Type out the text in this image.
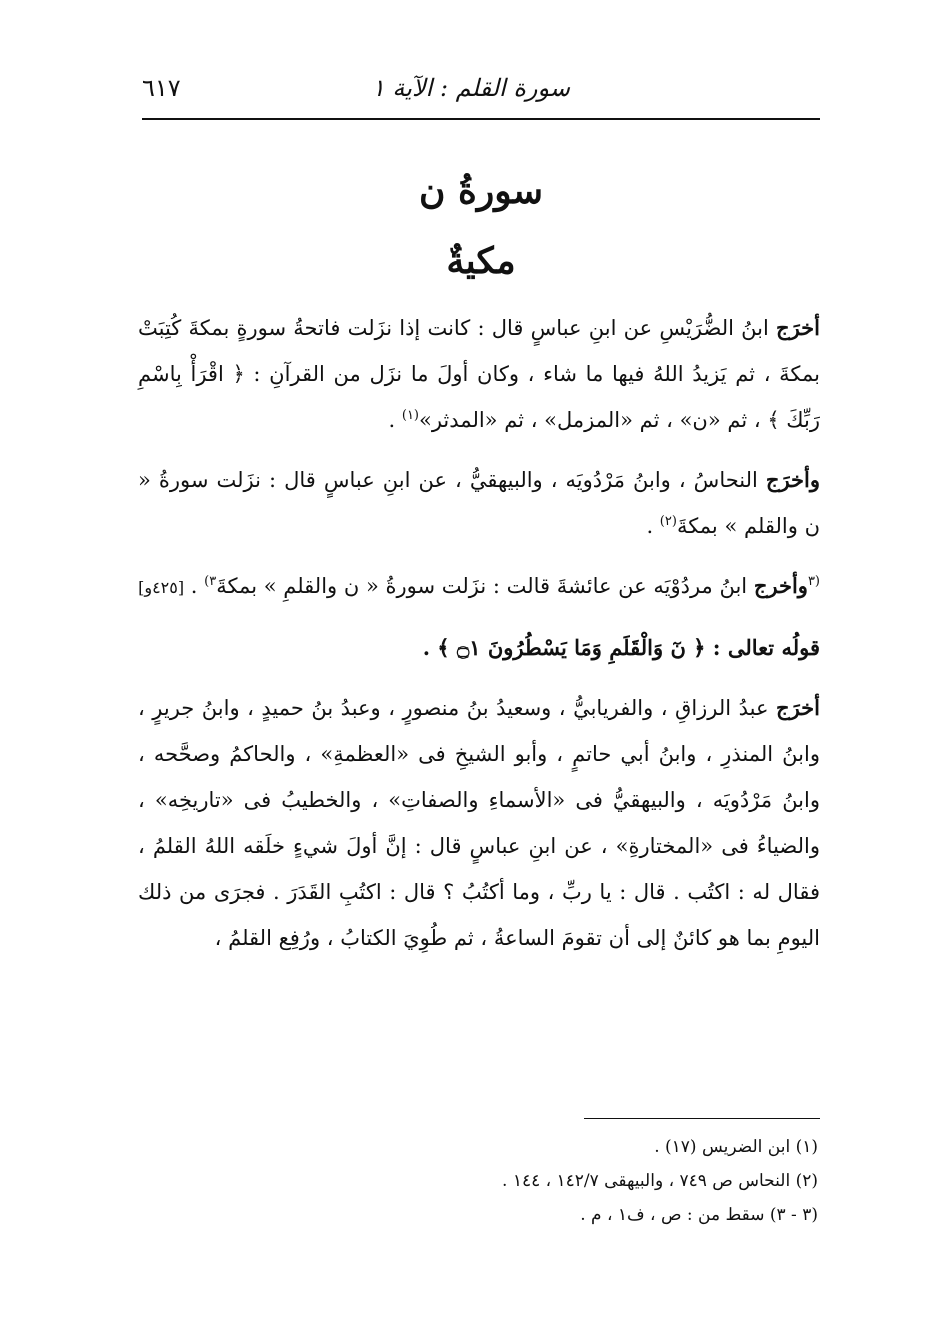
سورة القلم : الآية ١
٦١٧
سورةُ ن
مكيةٌ

أخرَج ابنُ الضُّرَيْسِ عن ابنِ عباسٍ قال : كانت إذا نزَلت فاتحةُ سورةٍ بمكةَ كُتِبَتْ بمكةَ ، ثم يَزيدُ اللهُ فيها ما شاء ، وكان أولَ ما نزَل من القرآنِ : ﴿ اقْرَأْ بِاسْمِ رَبِّكَ ﴾ ، ثم «ن» ، ثم «المزمل» ، ثم «المدثر»$^{(١)}$ .

وأخرَج النحاسُ ، وابنُ مَرْدُويَه ، والبيهقيُّ ، عن ابنِ عباسٍ قال : نزَلت سورةُ « ن والقلم » بمكةَ$^{(٢)}$ .

$^{(٣}$وأخرج ابنُ مردُوْيَه عن عائشةَ قالت : نزَلت سورةُ « ن والقلمِ » بمكةَ$^{٣)}$ . [٤٢٥و]

قولُه تعالى : ﴿ نٓ وَالْقَلَمِ وَمَا يَسْطُرُونَ ۝١ ﴾ .

أخرَج عبدُ الرزاقِ ، والفريابيُّ ، وسعيدُ بنُ منصورٍ ، وعبدُ بنُ حميدٍ ، وابنُ جريرٍ ، وابنُ المنذرِ ، وابنُ أبي حاتمٍ ، وأبو الشيخِ فى «العظمةِ» ، والحاكمُ وصحَّحه ، وابنُ مَرْدُويَه ، والبيهقيُّ فى «الأسماءِ والصفاتِ» ، والخطيبُ فى «تاريخِه» ، والضياءُ فى «المختارةِ» ، عن ابنِ عباسٍ قال : إنَّ أولَ شيءٍ خلَقه اللهُ القلمُ ، فقال له : اكتُب . قال : يا ربِّ ، وما أكتُبُ ؟ قال : اكتُبِ القَدَرَ . فجرَى من ذلك اليومِ بما هو كائنٌ إلى أن تقومَ الساعةُ ، ثم طُوِيَ الكتابُ ، ورُفِع القلمُ ،

(١) ابن الضريس (١٧) .
(٢) النحاس ص ٧٤٩ ، والبيهقى ١٤٢/٧ ، ١٤٤ .
(٣ - ٣) سقط من : ص ، ف١ ، م .
